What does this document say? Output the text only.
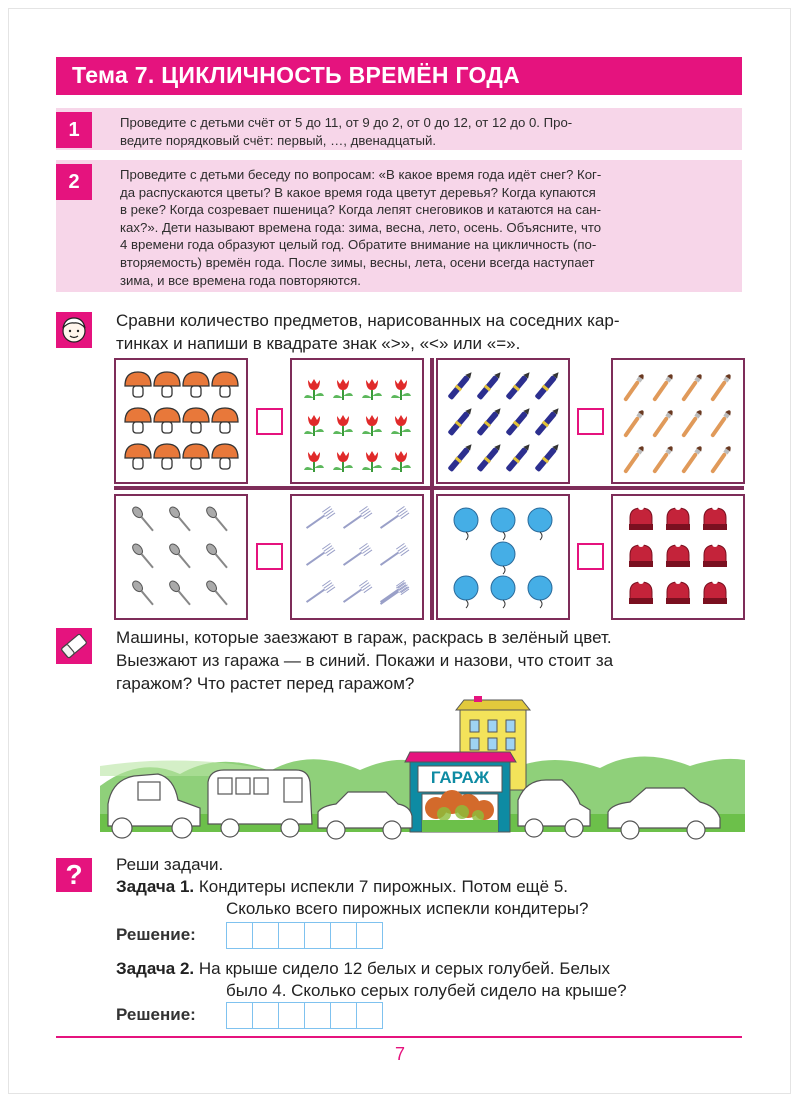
Тема 7. ЦИКЛИЧНОСТЬ ВРЕМЁН ГОДА
1	Проведите с детьми счёт от 5 до 11, от 9 до 2, от 0 до 12, от 12 до 0. Про-
ведите порядковый счёт: первый, …, двенадцатый.
2	Проведите с детьми беседу по вопросам: «В какое время года идёт снег? Ког-
да распускаются цветы? В какое время года цветут деревья? Когда купаются
в реке? Когда созревает пшеница? Когда лепят снеговиков и катаются на сан-
ках?». Дети называют времена года: зима, весна, лето, осень. Объясните, что
4 времени года образуют целый год. Обратите внимание на цикличность (по-
вторяемость) времён года. После зимы, весны, лета, осени всегда наступает
зима, и все времена года повторяются.
Сравни количество предметов, нарисованных на соседних кар-
тинках и напиши в квадрате знак «>», «<» или «=».
Машины, которые заезжают в гараж, раскрась в зелёный цвет.
Выезжают из гаража — в синий. Покажи и назови, что стоит за
гаражом? Что растет перед гаражом?
ГАРАЖ
?	Реши задачи.
Задача 1. Кондитеры испекли 7 пирожных. Потом ещё 5.
Сколько всего пирожных испекли кондитеры?
Решение:
Задача 2. На крыше сидело 12 белых и серых голубей. Белых
было 4. Сколько серых голубей сидело на крыше?
Решение:
7
